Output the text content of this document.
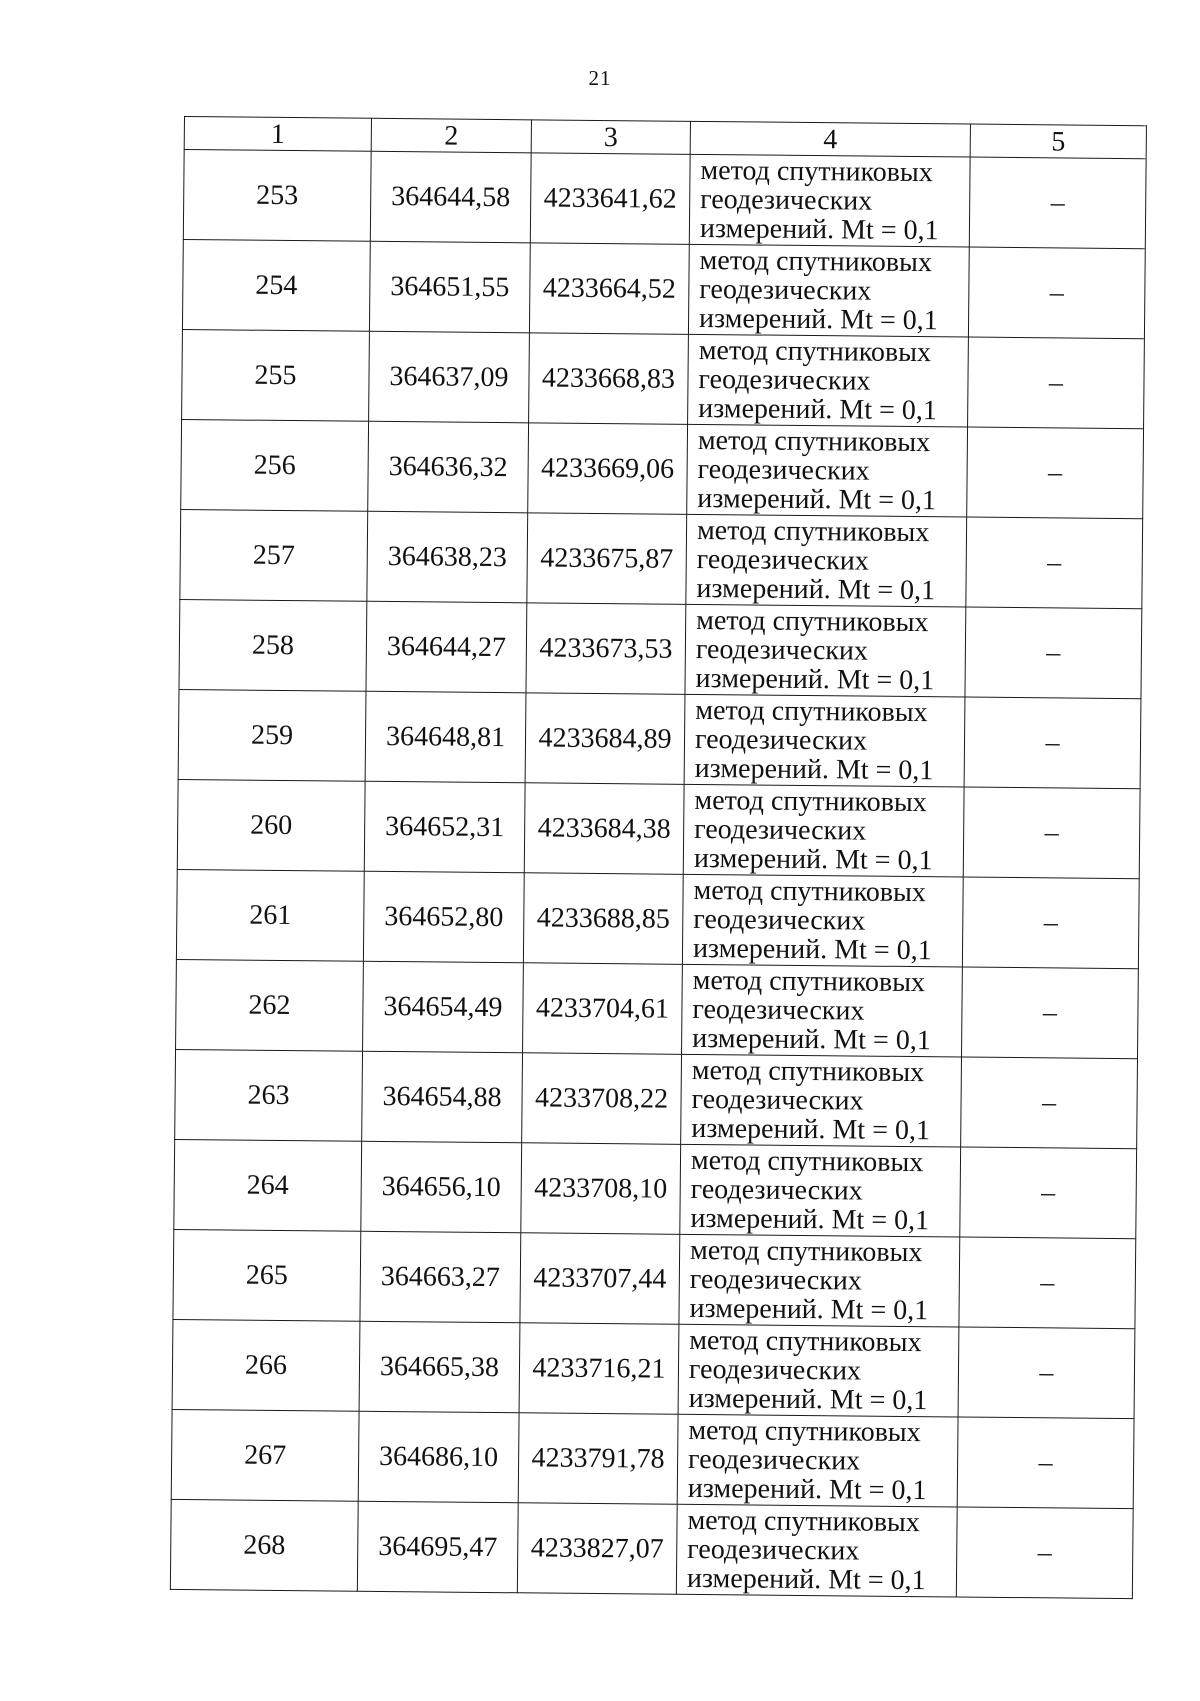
21
1	2	3	4	5
253	364644,58	4233641,62	метод спутниковых
геодезических
измерений. Mt = 0,1	–
254	364651,55	4233664,52	метод спутниковых
геодезических
измерений. Mt = 0,1	–
255	364637,09	4233668,83	метод спутниковых
геодезических
измерений. Mt = 0,1	–
256	364636,32	4233669,06	метод спутниковых
геодезических
измерений. Mt = 0,1	–
257	364638,23	4233675,87	метод спутниковых
геодезических
измерений. Mt = 0,1	–
258	364644,27	4233673,53	метод спутниковых
геодезических
измерений. Mt = 0,1	–
259	364648,81	4233684,89	метод спутниковых
геодезических
измерений. Mt = 0,1	–
260	364652,31	4233684,38	метод спутниковых
геодезических
измерений. Mt = 0,1	–
261	364652,80	4233688,85	метод спутниковых
геодезических
измерений. Mt = 0,1	–
262	364654,49	4233704,61	метод спутниковых
геодезических
измерений. Mt = 0,1	–
263	364654,88	4233708,22	метод спутниковых
геодезических
измерений. Mt = 0,1	–
264	364656,10	4233708,10	метод спутниковых
геодезических
измерений. Mt = 0,1	–
265	364663,27	4233707,44	метод спутниковых
геодезических
измерений. Mt = 0,1	–
266	364665,38	4233716,21	метод спутниковых
геодезических
измерений. Mt = 0,1	–
267	364686,10	4233791,78	метод спутниковых
геодезических
измерений. Mt = 0,1	–
268	364695,47	4233827,07	метод спутниковых
геодезических
измерений. Mt = 0,1	–
